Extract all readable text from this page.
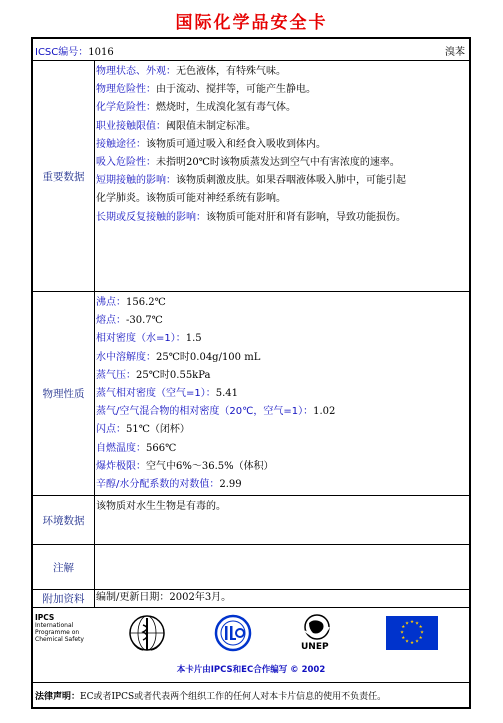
国际化学品安全卡
ICSC编号：1016	溴苯
重要数据
物理状态、外观：无色液体，有特殊气味。
物理危险性：由于流动、搅拌等，可能产生静电。
化学危险性：燃烧时，生成溴化氢有毒气体。
职业接触限值：阈限值未制定标准。
接触途径：该物质可通过吸入和经食入吸收到体内。
吸入危险性：未指明20℃时该物质蒸发达到空气中有害浓度的速率。
短期接触的影响：该物质刺激皮肤。如果吞咽液体吸入肺中，可能引起
化学肺炎。该物质可能对神经系统有影响。
长期或反复接触的影响：该物质可能对肝和肾有影响，导致功能损伤。
物理性质
沸点：156.2℃
熔点：-30.7℃
相对密度（水=1）：1.5
水中溶解度：25℃时0.04g/100 mL
蒸气压：25℃时0.55kPa
蒸气相对密度（空气=1）：5.41
蒸气/空气混合物的相对密度（20℃，空气=1）：1.02
闪点：51℃（闭杯）
自燃温度：566℃
爆炸极限：空气中6%～36.5%（体积）
辛醇/水分配系数的对数值：2.99
环境数据
该物质对水生生物是有毒的。
注解
附加资料	编制/更新日期：2002年3月。
IPCS
International
Programme on
Chemical Safety
UNEP
★ ★
★
★
★
★
★
★
★
★
★
★
本卡片由IPCS和EC合作编写 © 2002
法律声明：EC或者IPCS或者代表两个组织工作的任何人对本卡片信息的使用不负责任。
